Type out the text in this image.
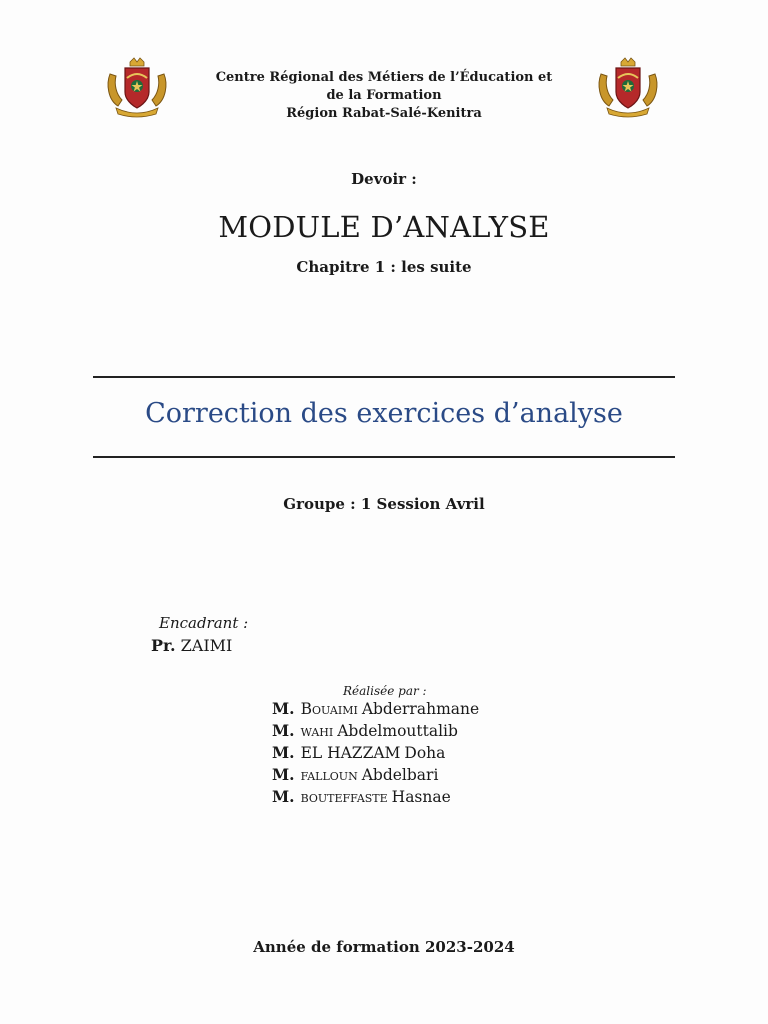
Centre Régional des Métiers de l’Éducation et
de la Formation
Région Rabat-Salé-Kenitra
Devoir :
MODULE D’ANALYSE
Chapitre 1 : les suite
Correction des exercices d’analyse
Groupe : 1 Session Avril
Encadrant :
Pr. ZAIMI
Réalisée par :
M. Bouaimi Abderrahmane
M. wahi Abdelmouttalib
M. EL HAZZAM Doha
M. falloun Abdelbari
M. bouteffaste Hasnae
Année de formation 2023-2024
